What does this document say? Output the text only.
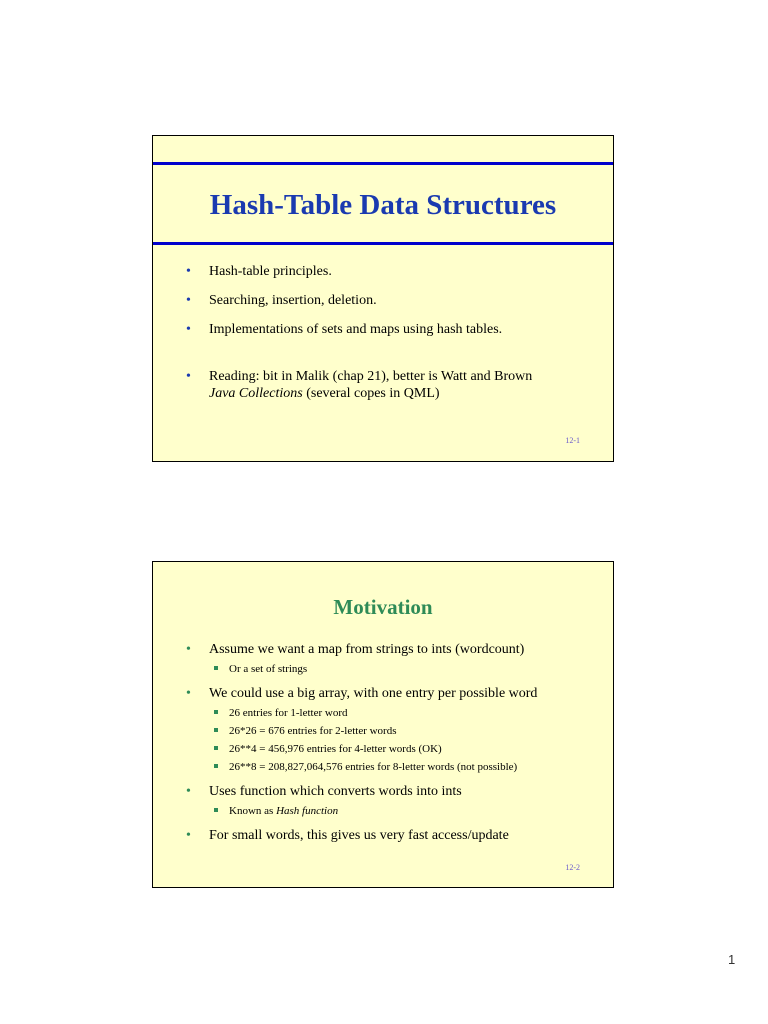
Hash-Table Data Structures
• Hash-table principles.
• Searching, insertion, deletion.
• Implementations of sets and maps using hash tables.
• Reading: bit in Malik (chap 21), better is Watt and Brown
Java Collections (several copes in QML)
12-1
Motivation
• Assume we want a map from strings to ints (wordcount)
Or a set of strings
• We could use a big array, with one entry per possible word
26 entries for 1-letter word
26*26 = 676 entries for 2-letter words
26**4 = 456,976 entries for 4-letter words (OK)
26**8 = 208,827,064,576 entries for 8-letter words (not possible)
• Uses function which converts words into ints
Known as Hash function
• For small words, this gives us very fast access/update
12-2
1
